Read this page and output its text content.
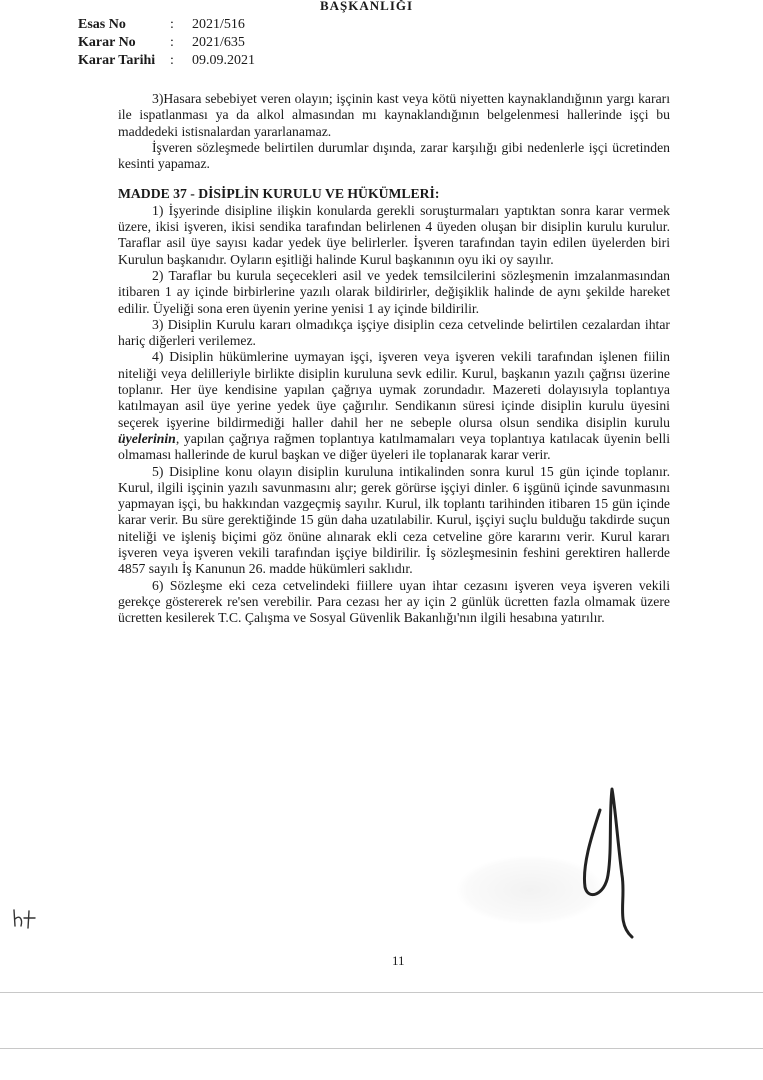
BAŞKANLIĞI
Esas No	:	2021/516
Karar No	:	2021/635
Karar Tarihi	:	09.09.2021

3)Hasara sebebiyet veren olayın; işçinin kast veya kötü niyetten kaynaklandığının yargı kararı ile ispatlanması ya da alkol almasından mı kaynaklandığının belgelenmesi hallerinde işçi bu maddedeki istisnalardan yararlanamaz.

İşveren sözleşmede belirtilen durumlar dışında, zarar karşılığı gibi nedenlerle işçi ücretinden kesinti yapamaz.

MADDE 37 - DİSİPLİN KURULU VE HÜKÜMLERİ:

1) İşyerinde disipline ilişkin konularda gerekli soruşturmaları yaptıktan sonra karar vermek üzere, ikisi işveren, ikisi sendika tarafından belirlenen 4 üyeden oluşan bir disiplin kurulu kurulur. Taraflar asil üye sayısı kadar yedek üye belirlerler. İşveren tarafından tayin edilen üyelerden biri Kurulun başkanıdır. Oyların eşitliği halinde Kurul başkanının oyu iki oy sayılır.

2) Taraflar bu kurula seçecekleri asil ve yedek temsilcilerini sözleşmenin imzalanmasından itibaren 1 ay içinde birbirlerine yazılı olarak bildirirler, değişiklik halinde de aynı şekilde hareket edilir. Üyeliği sona eren üyenin yerine yenisi 1 ay içinde bildirilir.

3) Disiplin Kurulu kararı olmadıkça işçiye disiplin ceza cetvelinde belirtilen cezalardan ihtar hariç diğerleri verilemez.

4) Disiplin hükümlerine uymayan işçi, işveren veya işveren vekili tarafından işlenen fiilin niteliği veya delilleriyle birlikte disiplin kuruluna sevk edilir. Kurul, başkanın yazılı çağrısı üzerine toplanır. Her üye kendisine yapılan çağrıya uymak zorundadır. Mazereti dolayısıyla toplantıya katılmayan asil üye yerine yedek üye çağırılır. Sendikanın süresi içinde disiplin kurulu üyesini seçerek işyerine bildirmediği haller dahil her ne sebeple olursa olsun sendika disiplin kurulu üyelerinin, yapılan çağrıya rağmen toplantıya katılmamaları veya toplantıya katılacak üyenin belli olmaması hallerinde de kurul başkan ve diğer üyeleri ile toplanarak karar verir.

5) Disipline konu olayın disiplin kuruluna intikalinden sonra kurul 15 gün içinde toplanır. Kurul, ilgili işçinin yazılı savunmasını alır; gerek görürse işçiyi dinler. 6 işgünü içinde savunmasını yapmayan işçi, bu hakkından vazgeçmiş sayılır. Kurul, ilk toplantı tarihinden itibaren 15 gün içinde karar verir. Bu süre gerektiğinde 15 gün daha uzatılabilir. Kurul, işçiyi suçlu bulduğu takdirde suçun niteliği ve işleniş biçimi göz önüne alınarak ekli ceza cetveline göre kararını verir. Kurul kararı işveren veya işveren vekili tarafından işçiye bildirilir. İş sözleşmesinin feshini gerektiren hallerde 4857 sayılı İş Kanunun 26. madde hükümleri saklıdır.

6) Sözleşme eki ceza cetvelindeki fiillere uyan ihtar cezasını işveren veya işveren vekili gerekçe göstererek re'sen verebilir. Para cezası her ay için 2 günlük ücretten fazla olmamak üzere ücretten kesilerek T.C. Çalışma ve Sosyal Güvenlik Bakanlığı'nın ilgili hesabına yatırılır.

11
